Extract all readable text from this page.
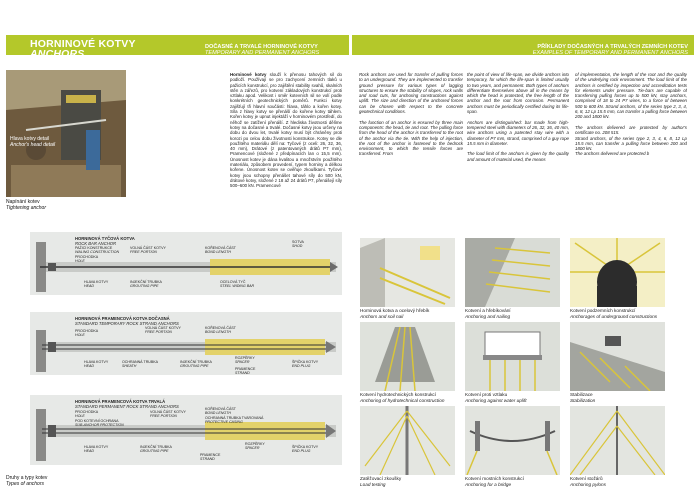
HORNINOVÉ KOTVY
ANCHORS
DOČASNÉ A TRVALÉ HORNINOVÉ KOTVY
TEMPORARY AND PERMANENT ANCHORS
PŘÍKLADY DOČASNÝCH A TRVALÝCH ZEMNÍCH KOTEV
EXAMPLES OF TEMPORARY AND PERMANENT ANCHORS
Hlava kotvy detail
Anchor's head detail
Napínání kotev
Tightening anchor
Horninové kotvy slouží k přenosu tahových sil do podloží. Používají se pro zachycení zemních tlaků u pažicích konstrukcí, pro zajištění stability svahů, skalních stěn a zářezů, pro kotvení základových konstrukcí proti vztlaku apod. Velikost i směr kotevních sil se volí podle konkrétních geotechnických poměrů. Funkci kotvy zajišťují tři hlavní součásti: hlava, táhlo a kořen kotvy. Síla z hlavy kotvy se přenáší do kořene kotvy táhlem. Kořen kotvy je upnut injektáží v horninovém prostředí, do něhož se zatížení přenáší. Z hlediska životnosti dělíme kotvy na dočasné a trvalé. Dočasné kotvy jsou určeny na dobu do dvou let, trvalé kotvy musí být chráněny proti korozi po celou dobu životnosti konstrukce. Kotvy se dle použitého materiálu dělí na: Tyčové (z oceli: 26, 32, 36, 40 mm), Drátové (z patentovaných drátů P7 mm), Pramencové (složené z předpínacích lan o 15,5 mm). Únosnost kotev je dána kvalitou a množstvím použitého materiálu, způsobem provedení, typem horniny a délkou kořene. Únosnost kotev se ověřuje zkouškami. Tyčové kotvy jsou schopny přenášet tahové síly do 500 kN, drátové kotvy, složené z 18 až 24 drátů P7, přenášejí síly 500–600 kN. Pramencové
Rock anchors are used for transfer of pulling forces to an underground. They are implemented to transfer ground pressure for various types of lagging structures to ensure the stability of slopes, rock walls and road cuts, for anchoring constructions against uplift. The size and direction of the anchored forces can be chosen with respect to the concrete geotechnical conditions.

The function of an anchor is ensured by three main components: the head, tie and root. The pulling force from the head of the anchor is transferred to the root of the anchor via the tie. With the help of injection, the root of the anchor is fastened to the bedrock environment, to which the tensile forces are transferred. From
the point of view of life-span, we divide anchors into temporary, for which the life-span is limited usually to two years, and permanent. Both types of anchors differentiate themselves above all in the means by which the head is protected, the free length of the anchor and the root from corrosion. Permanent anchors must be periodically certified during its life-span.

Anchors are distinguished: bar made from high-tempered steel with diameters of 26, 32, 36, 40 mm, wire anchors using a patented stay wire with a diameter of P7 mm, strand, comprised of a guy rope 15.5 mm in diameter.

The load limit of the anchors is given by the quality and amount of material used, the means
of implementation, the length of the root and the quality of the underlying rock environment. The load limit of the anchors is certified by inspection and accreditation tests for elements under pressure. Tie-bars are capable of transferring pulling forces up to 500 kN, stay anchors, comprised of 18 to 24 P7 wires, to a force of between 500 to 600 kN. Strand anchors, of the series type 2, 3, 4, 6, 8, 12 Lp 15.5 mm, can transfer a pulling force between 200 and 1800 kN.

The anchors delivered are protected by author's certificate no. 208 515.
Strand anchors, of the series type 2, 3, 4, 6, 8, 12 Lp 15.5 mm, can transfer a pulling force between 200 and 1800 kN.
The anchors delivered are protected b
HORNINOVÁ TYČOVÁ KOTVA
ROCK BAR ANCHOR
PAŽICÍ KONSTRUKCE
WALING CONSTRUCTION
PROCHODKA
HOLE
VOLNÁ ČÁST KOTVY
FREE PORTION
KOŘENOVÁ ČÁST
BOND LENGTH
SOTVA
SHOD
HLAVA KOTVY
HEAD
INJEKČNÍ TRUBKA
GROUTING PIPE
OCELOVÁ TYČ
STEEL WIDING BAR
HORNINOVÁ PRAMENCOVÁ KOTVA DOČASNÁ
STANDARD TEMPORARY ROCK STRAND ANCHORS
PROCHODKA
HOLE
VOLNÁ ČÁST KOTVY
FREE PORTION
KOŘENOVÁ ČÁST
BOND LENGTH
HLAVA KOTVY
HEAD
OCHRANNÁ TRUBKA
SHEATH
INJEKČNÍ TRUBKA
GROUTING PIPE
ROZPĚRKY
SPACER	ŠPIČKA KOTVY
END PLUG
PRAMENCE
STRAND
HORNINOVÁ PRAMENCOVÁ KOTVA TRVALÁ
STANDARD PERMANENT ROCK STRAND ANCHORS
PROCHODKA
HOLE
POD KOTEVNÍ OCHRANA
SUB-ANCHOR PROTECTION
VOLNÁ ČÁST KOTVY
FREE PORTION
KOŘENOVÁ ČÁST
BOND LENGTH
OCHRANNÁ TRUBKA TVAROVANÁ
PROTECTIVE CASING
HLAVA KOTVY
HEAD
INJEKČNÍ TRUBKA
GROUTING PIPE
ROZPĚRKY
SPACER	ŠPIČKA KOTVY
END PLUG
PRAMENCE
STRAND
Druhy a typy kotev
Types of anchors
Horninová kotva a ocelový hřebík
Anchors and soil nail
Kotvení a hřebíkování
Anchoring and nailing
Kotvení podzemních konstrukcí
Anchorages of underground constructions
Kotvení hydrotechnických konstrukcí
Anchoring of hydrotechnical construction
Kotvení proti vztlaku
Anchoring against water uplift
Stabilizace
Stabilization
Zatěžovací zkoušky
Load testing
Kotvení mostních konstrukcí
Anchoring for a bridge
Kotvení stožárů
Anchoring pylons
